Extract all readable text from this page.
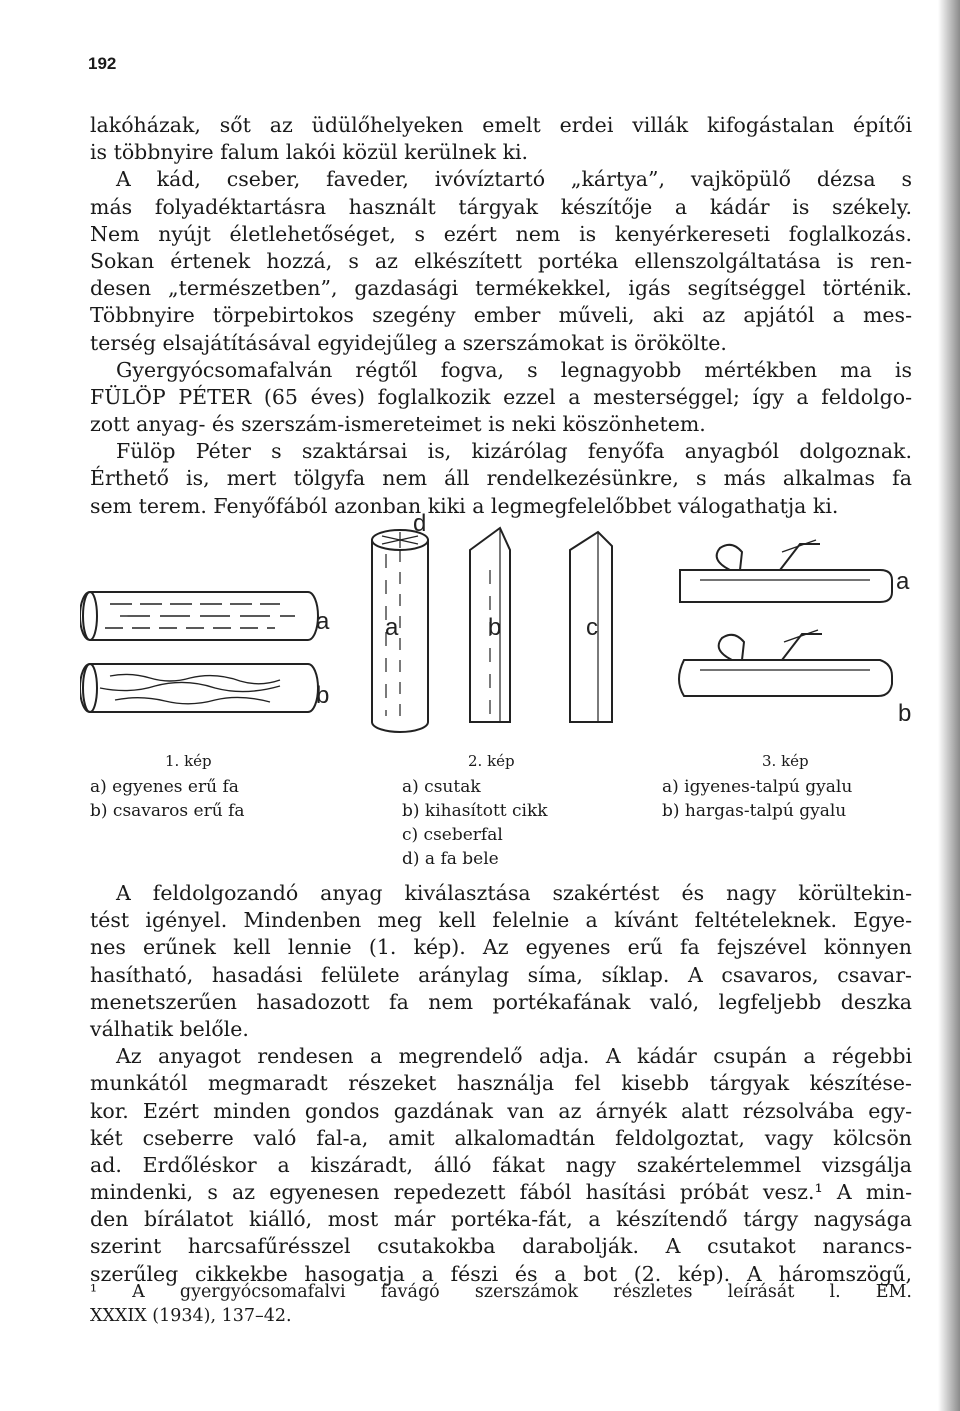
192
lakóházak, sőt az üdülőhelyeken emelt erdei villák kifogástalan építői
is többnyire falum lakói közül kerülnek ki.
A kád, cseber, faveder, ivóvíztartó „kártya”, vajköpülő dézsa s
más folyadéktartásra használt tárgyak készítője a kádár is székely.
Nem nyújt életlehetőséget, s ezért nem is kenyérkereseti foglalkozás.
Sokan értenek hozzá, s az elkészített portéka ellenszolgáltatása is ren-
desen „természetben”, gazdasági termékekkel, igás segítséggel történik.
Többnyire törpebirtokos szegény ember műveli, aki az apjától a mes-
terség elsajátításával egyidejűleg a szerszámokat is örökölte.
Gyergyócsomafalván régtől fogva, s legnagyobb mértékben ma is
FÜLÖP PÉTER (65 éves) foglalkozik ezzel a mesterséggel; így a feldolgo-
zott anyag- és szerszám-ismereteimet is neki köszönhetem.
Fülöp Péter s szaktársai is, kizárólag fenyőfa anyagból dolgoznak.
Érthető is, mert tölgyfa nem áll rendelkezésünkre, s más alkalmas fa
sem terem. Fenyőfából azonban kiki a legmegfelelőbbet válogathatja ki.
a
b
d
a	b	c
a
b
1. kép
a) egyenes erű fa
b) csavaros erű fa
2. kép
a) csutak
b) kihasított cikk
c) cseberfal
d) a fa bele
3. kép
a) igyenes-talpú gyalu
b) hargas-talpú gyalu
A feldolgozandó anyag kiválasztása szakértést és nagy körültekin-
tést igényel. Mindenben meg kell felelnie a kívánt feltételeknek. Egye-
nes erűnek kell lennie (1. kép). Az egyenes erű fa fejszével könnyen
hasítható, hasadási felülete aránylag síma, síklap. A csavaros, csavar-
menetszerűen hasadozott fa nem portékafának való, legfeljebb deszka
válhatik belőle.
Az anyagot rendesen a megrendelő adja. A kádár csupán a régebbi
munkától megmaradt részeket használja fel kisebb tárgyak készítése-
kor. Ezért minden gondos gazdának van az árnyék alatt rézsolvába egy-
két cseberre való fal-a, amit alkalomadtán feldolgoztat, vagy kölcsön
ad. Erdőléskor a kiszáradt, álló fákat nagy szakértelemmel vizsgálja
mindenki, s az egyenesen repedezett fából hasítási próbát vesz.¹ A min-
den bírálatot kiálló, most már portéka-fát, a készítendő tárgy nagysága
szerint harcsafűrésszel csutakokba darabolják. A csutakot narancs-
szerűleg cikkekbe hasogatja a fészi és a bot (2. kép). A háromszögű,
¹ A gyergyócsomafalvi favágó szerszámok részletes leírását l. EM.
XXXIX (1934), 137–42.
